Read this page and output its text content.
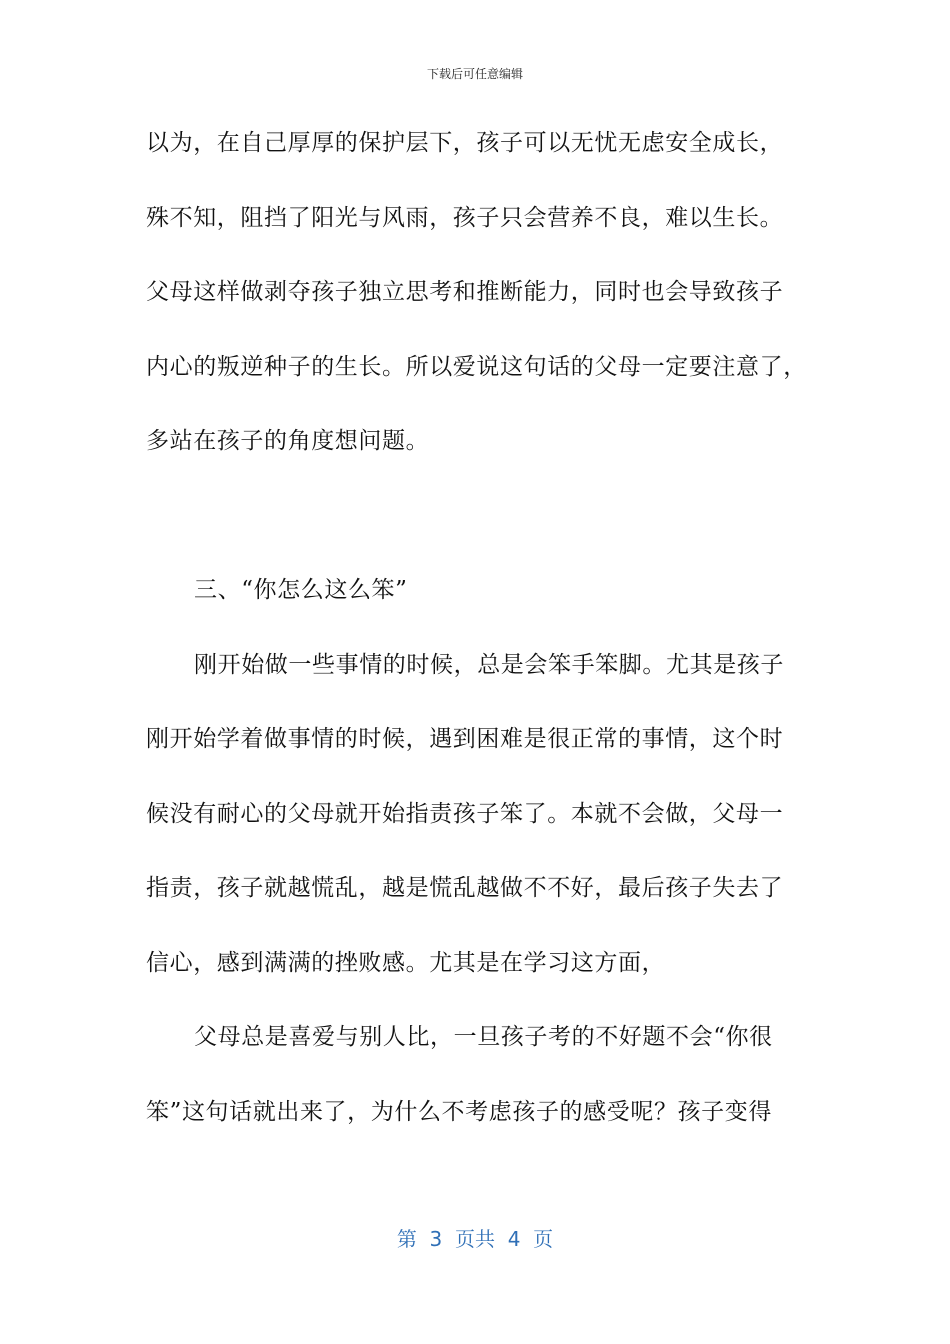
下载后可任意编辑
以为，在自己厚厚的保护层下，孩子可以无忧无虑安全成长，
殊不知，阻挡了阳光与风雨，孩子只会营养不良，难以生长。
父母这样做剥夺孩子独立思考和推断能力，同时也会导致孩子
内心的叛逆种子的生长。所以爱说这句话的父母一定要注意了，
多站在孩子的角度想问题。
三、“你怎么这么笨”
刚开始做一些事情的时候，总是会笨手笨脚。尤其是孩子
刚开始学着做事情的时候，遇到困难是很正常的事情，这个时
候没有耐心的父母就开始指责孩子笨了。本就不会做，父母一
指责，孩子就越慌乱，越是慌乱越做不不好，最后孩子失去了
信心，感到满满的挫败感。尤其是在学习这方面，
父母总是喜爱与别人比，一旦孩子考的不好题不会“你很
笨”这句话就出来了，为什么不考虑孩子的感受呢？孩子变得
第  3  页共  4  页
